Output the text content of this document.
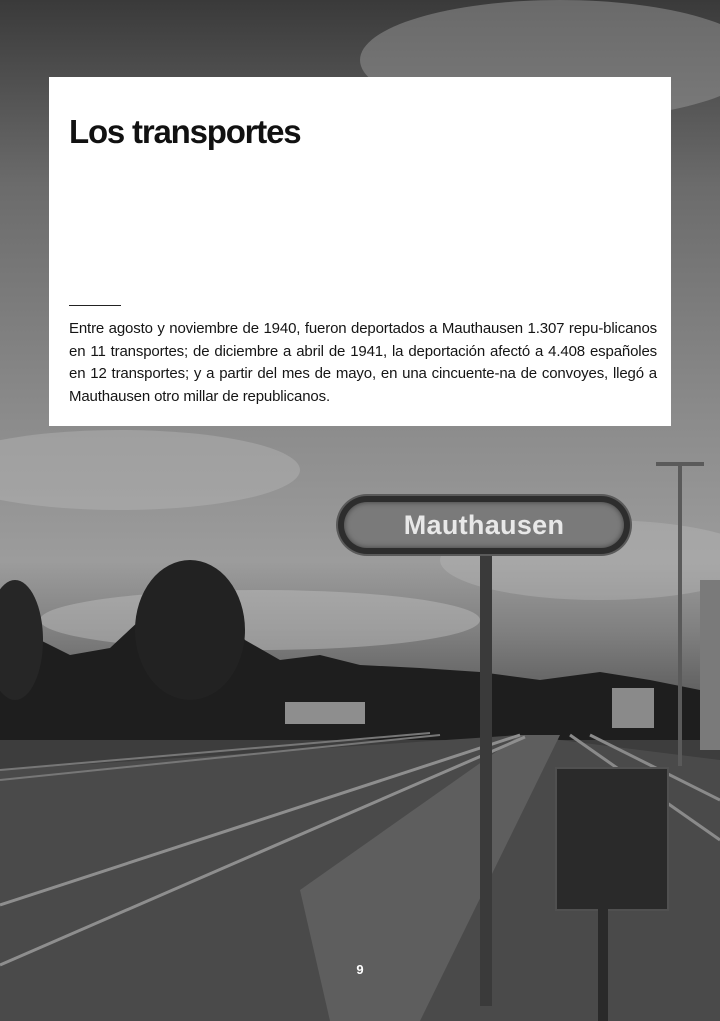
Mauthausen
Los transportes

Entre agosto y noviembre de 1940, fueron deportados a Mauthausen 1.307 repu-blicanos en 11 transportes; de diciembre a abril de 1941, la deportación afectó a 4.408 españoles en 12 transportes; y a partir del mes de mayo, en una cincuente-na de convoyes, llegó a Mauthausen otro millar de republicanos.

9
